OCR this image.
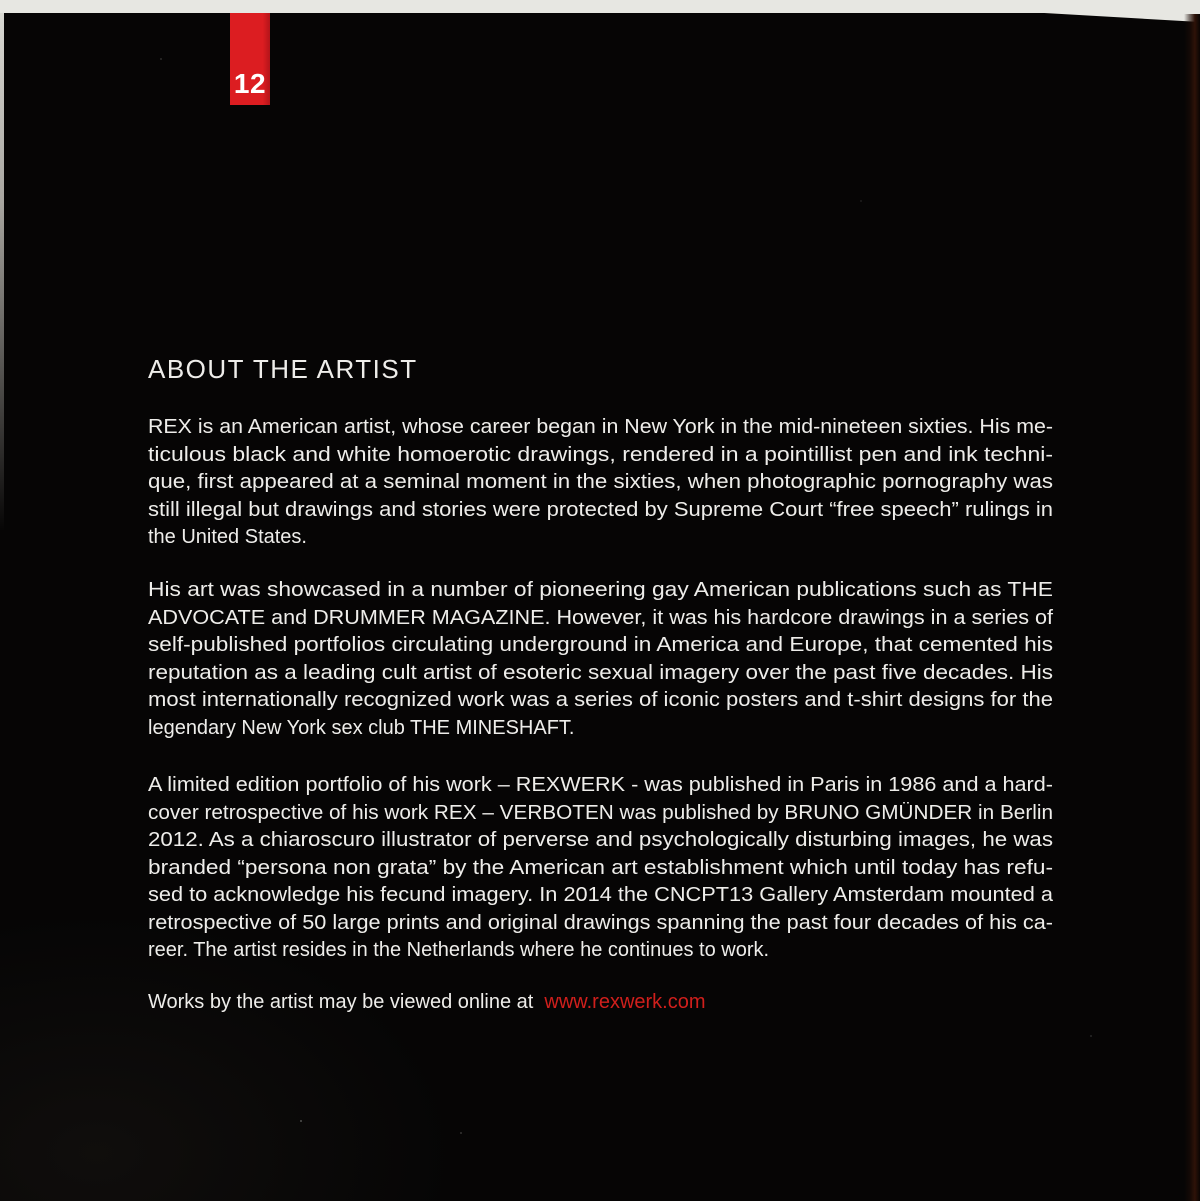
12
ABOUT THE ARTIST
REX is an American artist, whose career began in New York in the mid-nineteen sixties. His me-
ticulous black and white homoerotic drawings, rendered in a pointillist pen and ink techni-
que, first appeared at a seminal moment in the sixties, when photographic pornography was
still illegal but drawings and stories were protected by Supreme Court “free speech” rulings in
the United States.
His art was showcased in a number of pioneering gay American publications such as THE
ADVOCATE and DRUMMER MAGAZINE. However, it was his hardcore drawings in a series of
self-published portfolios circulating underground in America and Europe, that cemented his
reputation as a leading cult artist of esoteric sexual imagery over the past five decades. His
most internationally recognized work was a series of iconic posters and t-shirt designs for the
legendary New York sex club THE MINESHAFT.
A limited edition portfolio of his work – REXWERK - was published in Paris in 1986 and a hard-
cover retrospective of his work REX – VERBOTEN was published by BRUNO GMÜNDER in Berlin
2012. As a chiaroscuro illustrator of perverse and psychologically disturbing images, he was
branded “persona non grata” by the American art establishment which until today has refu-
sed to acknowledge his fecund imagery. In 2014 the CNCPT13 Gallery Amsterdam mounted a
retrospective of 50 large prints and original drawings spanning the past four decades of his ca-
reer. The artist resides in the Netherlands where he continues to work.
Works by the artist may be viewed online at www.rexwerk.com
